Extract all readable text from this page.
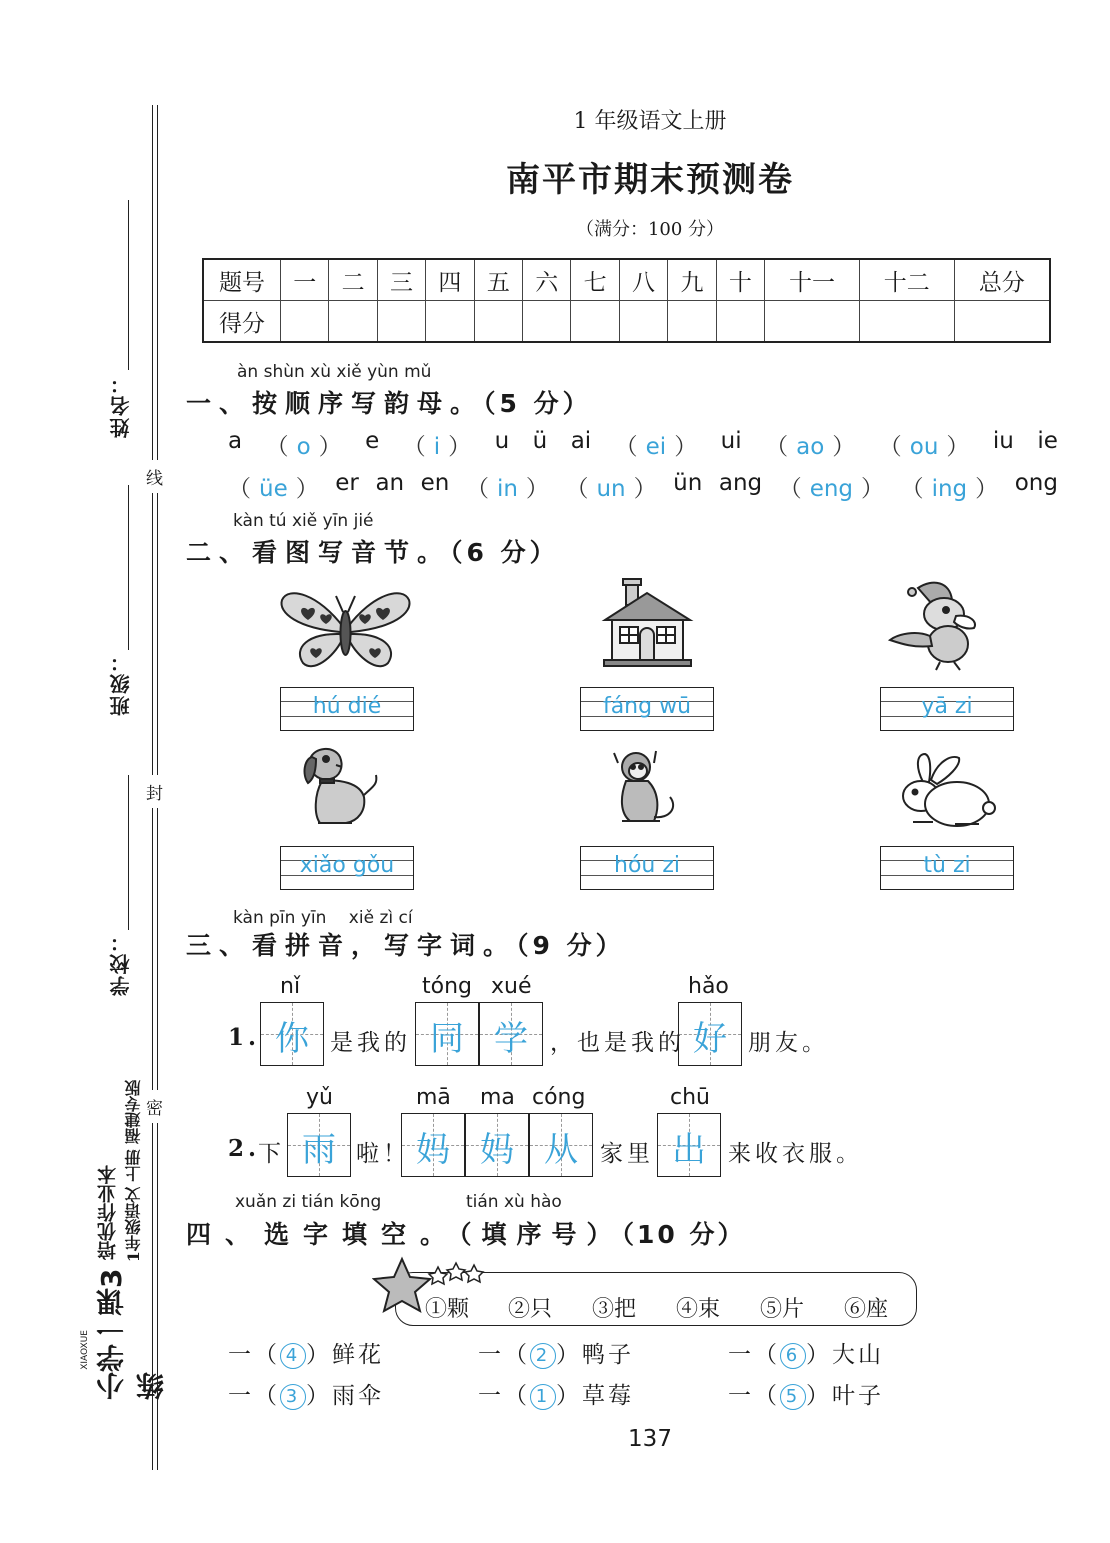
姓名：
班级：
学校：
线
封
密
XIAOXUE 小学一课3练
培优作业本 1年级语文 上册 福建专版
1 年级语文上册
南平市期末预测卷
（满分：100 分）
题号	一	二	三	四	五	六	七	八	九	十	十一	十二	总分
得分													
àn shùn xù xiě yùn mǔ
一、按顺序写韵母。（5 分）
a （ o ） e （ i ） u ü ai （ ei ） ui （ ao ） （ ou ） iu ie
（ üe ） er an en （ in ） （ un ） ün ang （ eng ） （ ing ） ong
kàn tú xiě yīn jié
二、看图写音节。（6 分）
hú dié	fáng wū	yā zi
xiǎo gǒu	hóu zi	tù zi
kàn pīn yīn　 xiě zì cí
三、看拼音，写字词。（9 分）
nǐ	tóng xué	hǎo
1. 你 是我的 同 学 ，也是我的 好 朋友。
yǔ	mā ma cóng	chū
2.
下 雨 啦！ 妈 妈 从 家里 出 来收衣服。
xuǎn zi tián kōng	tián xù hào
四、选字填空。（填序号）（10 分）
①颗 ②只 ③把 ④束 ⑤片 ⑥座
一（ 4 ）鲜花	一（ 2 ）鸭子	一（ 6 ）大山
一（ 3 ）雨伞	一（ 1 ）草莓	一（ 5 ）叶子
137
